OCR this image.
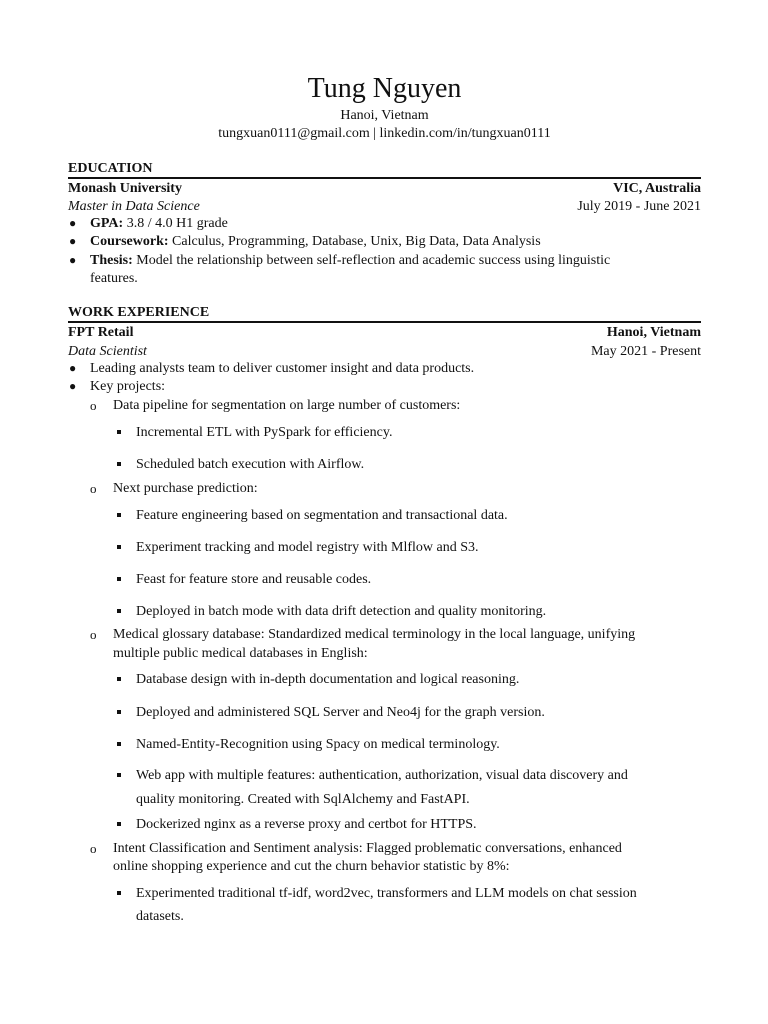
Tung Nguyen
Hanoi, Vietnam
tungxuan0111@gmail.com | linkedin.com/in/tungxuan0111
EDUCATION
Monash University	VIC, Australia
Master in Data Science	July 2019 - June 2021
● GPA: 3.8 / 4.0 H1 grade
● Coursework: Calculus, Programming, Database, Unix, Big Data, Data Analysis
● Thesis: Model the relationship between self-reflection and academic success using linguistic
features.
WORK EXPERIENCE
FPT Retail	Hanoi, Vietnam
Data Scientist	May 2021 - Present
● Leading analysts team to deliver customer insight and data products.
● Key projects:
o Data pipeline for segmentation on large number of customers:
Incremental ETL with PySpark for efficiency.
Scheduled batch execution with Airflow.
o Next purchase prediction:
Feature engineering based on segmentation and transactional data.
Experiment tracking and model registry with Mlflow and S3.
Feast for feature store and reusable codes.
Deployed in batch mode with data drift detection and quality monitoring.
o Medical glossary database: Standardized medical terminology in the local language, unifying
multiple public medical databases in English:
Database design with in-depth documentation and logical reasoning.
Deployed and administered SQL Server and Neo4j for the graph version.
Named-Entity-Recognition using Spacy on medical terminology.
Web app with multiple features: authentication, authorization, visual data discovery and
quality monitoring. Created with SqlAlchemy and FastAPI.
Dockerized nginx as a reverse proxy and certbot for HTTPS.
o Intent Classification and Sentiment analysis: Flagged problematic conversations, enhanced
online shopping experience and cut the churn behavior statistic by 8%:
Experimented traditional tf-idf, word2vec, transformers and LLM models on chat session
datasets.
